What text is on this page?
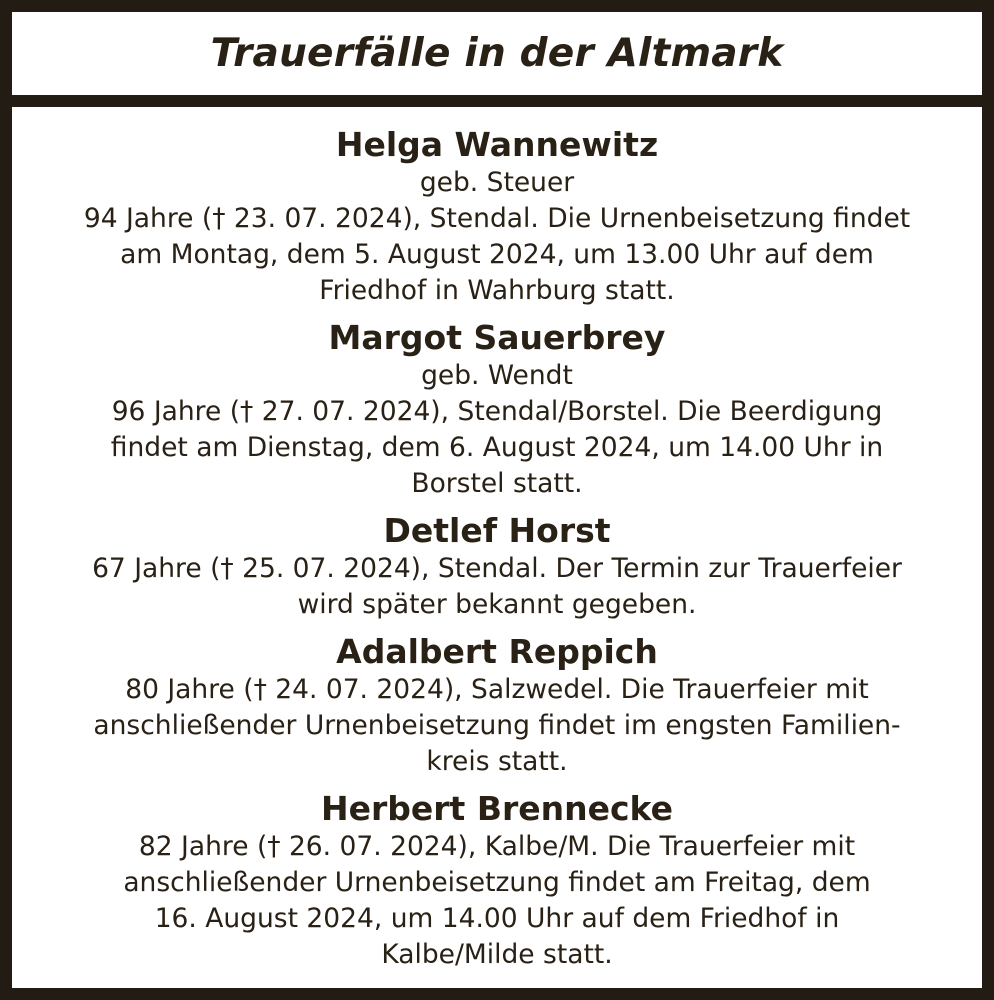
Trauerfälle in der Altmark
Helga Wannewitz
geb. Steuer
94 Jahre († 23. 07. 2024), Stendal. Die Urnenbeisetzung findet
am Montag, dem 5. August 2024, um 13.00 Uhr auf dem
Friedhof in Wahrburg statt.
Margot Sauerbrey
geb. Wendt
96 Jahre († 27. 07. 2024), Stendal/Borstel. Die Beerdigung
findet am Dienstag, dem 6. August 2024, um 14.00 Uhr in
Borstel statt.
Detlef Horst
67 Jahre († 25. 07. 2024), Stendal. Der Termin zur Trauerfeier
wird später bekannt gegeben.
Adalbert Reppich
80 Jahre († 24. 07. 2024), Salzwedel. Die Trauerfeier mit
anschließender Urnenbeisetzung findet im engsten Familien-
kreis statt.
Herbert Brennecke
82 Jahre († 26. 07. 2024), Kalbe/M. Die Trauerfeier mit
anschließender Urnenbeisetzung findet am Freitag, dem
16. August 2024, um 14.00 Uhr auf dem Friedhof in
Kalbe/Milde statt.
